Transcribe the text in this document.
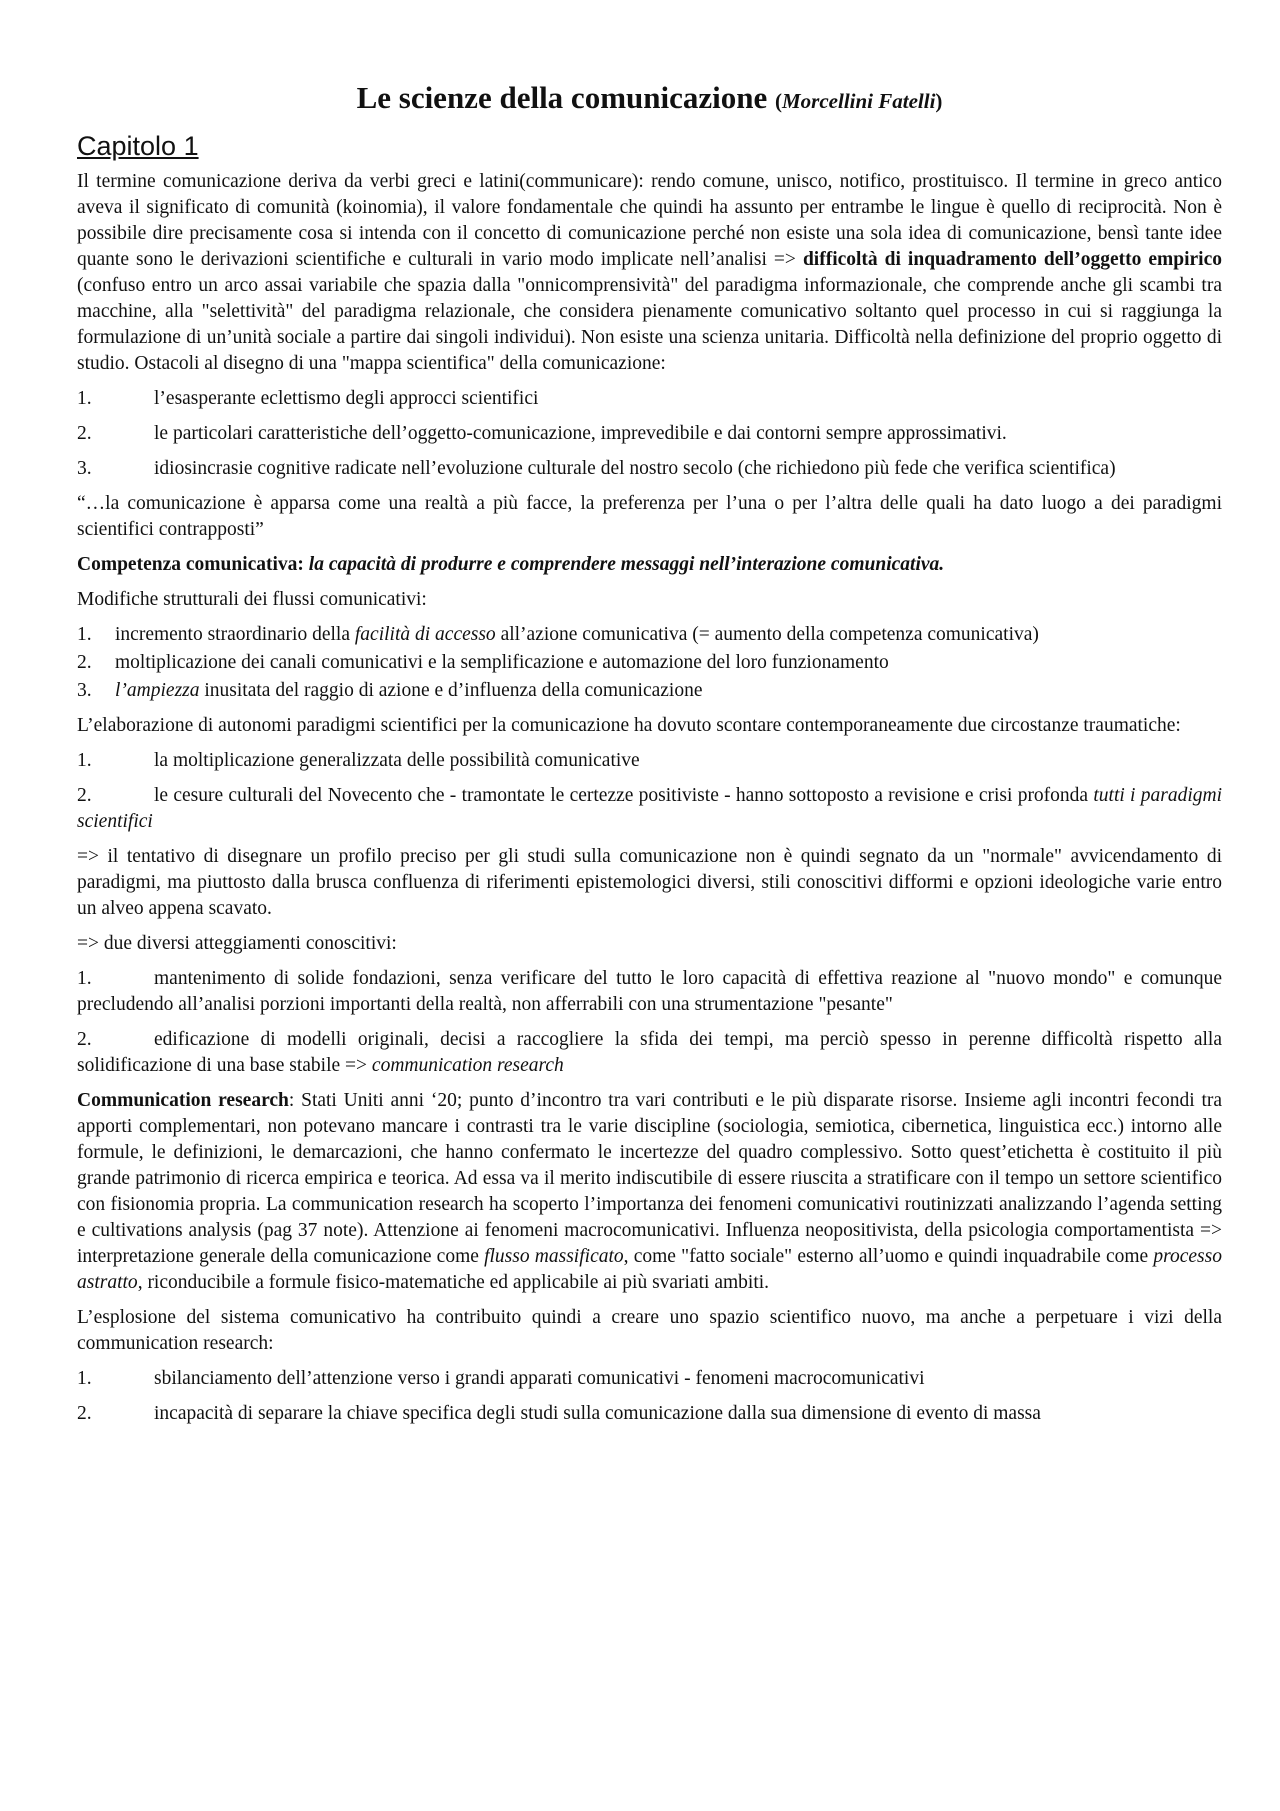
Le scienze della comunicazione (Morcellini Fatelli)
Capitolo 1

Il termine comunicazione deriva da verbi greci e latini(communicare): rendo comune, unisco, notifico, prostituisco. Il termine in greco antico aveva il significato di comunità (koinomia), il valore fondamentale che quindi ha assunto per entrambe le lingue è quello di reciprocità. Non è possibile dire precisamente cosa si intenda con il concetto di comunicazione perché non esiste una sola idea di comunicazione, bensì tante idee quante sono le derivazioni scientifiche e culturali in vario modo implicate nell’analisi => difficoltà di inquadramento dell’oggetto empirico (confuso entro un arco assai variabile che spazia dalla "onnicomprensività" del paradigma informazionale, che comprende anche gli scambi tra macchine, alla "selettività" del paradigma relazionale, che considera pienamente comunicativo soltanto quel processo in cui si raggiunga la formulazione di un’unità sociale a partire dai singoli individui). Non esiste una scienza unitaria. Difficoltà nella definizione del proprio oggetto di studio. Ostacoli al disegno di una "mappa scientifica" della comunicazione:

1.	l’esasperante eclettismo degli approcci scientifici

2.	le particolari caratteristiche dell’oggetto-comunicazione, imprevedibile e dai contorni sempre approssimativi.

3.	idiosincrasie cognitive radicate nell’evoluzione culturale del nostro secolo (che richiedono più fede che verifica scientifica)

“…la comunicazione è apparsa come una realtà a più facce, la preferenza per l’una o per l’altra delle quali ha dato luogo a dei paradigmi scientifici contrapposti”

Competenza comunicativa: la capacità di produrre e comprendere messaggi nell’interazione comunicativa.

Modifiche strutturali dei flussi comunicativi:

1. incremento straordinario della facilità di accesso all’azione comunicativa (= aumento della competenza comunicativa)

2. moltiplicazione dei canali comunicativi e la semplificazione e automazione del loro funzionamento

3. l’ampiezza inusitata del raggio di azione e d’influenza della comunicazione

L’elaborazione di autonomi paradigmi scientifici per la comunicazione ha dovuto scontare contemporaneamente due circostanze traumatiche:

1.	la moltiplicazione generalizzata delle possibilità comunicative

2.	le cesure culturali del Novecento che - tramontate le certezze positiviste - hanno sottoposto a revisione e crisi profonda tutti i paradigmi scientifici

=> il tentativo di disegnare un profilo preciso per gli studi sulla comunicazione non è quindi segnato da un "normale" avvicendamento di paradigmi, ma piuttosto dalla brusca confluenza di riferimenti epistemologici diversi, stili conoscitivi difformi e opzioni ideologiche varie entro un alveo appena scavato.

=> due diversi atteggiamenti conoscitivi:

1.	mantenimento di solide fondazioni, senza verificare del tutto le loro capacità di effettiva reazione al "nuovo mondo" e comunque precludendo all’analisi porzioni importanti della realtà, non afferrabili con una strumentazione "pesante"

2.	edificazione di modelli originali, decisi a raccogliere la sfida dei tempi, ma perciò spesso in perenne difficoltà rispetto alla solidificazione di una base stabile => communication research

Communication research: Stati Uniti anni ‘20; punto d’incontro tra vari contributi e le più disparate risorse. Insieme agli incontri fecondi tra apporti complementari, non potevano mancare i contrasti tra le varie discipline (sociologia, semiotica, cibernetica, linguistica ecc.) intorno alle formule, le definizioni, le demarcazioni, che hanno confermato le incertezze del quadro complessivo. Sotto quest’etichetta è costituito il più grande patrimonio di ricerca empirica e teorica. Ad essa va il merito indiscutibile di essere riuscita a stratificare con il tempo un settore scientifico con fisionomia propria. La communication research ha scoperto l’importanza dei fenomeni comunicativi routinizzati analizzando l’agenda setting e cultivations analysis (pag 37 note). Attenzione ai fenomeni macrocomunicativi. Influenza neopositivista, della psicologia comportamentista => interpretazione generale della comunicazione come flusso massificato, come "fatto sociale" esterno all’uomo e quindi inquadrabile come processo astratto, riconducibile a formule fisico-matematiche ed applicabile ai più svariati ambiti.

L’esplosione del sistema comunicativo ha contribuito quindi a creare uno spazio scientifico nuovo, ma anche a perpetuare i vizi della communication research:

1.	sbilanciamento dell’attenzione verso i grandi apparati comunicativi - fenomeni macrocomunicativi

2.	incapacità di separare la chiave specifica degli studi sulla comunicazione dalla sua dimensione di evento di massa
